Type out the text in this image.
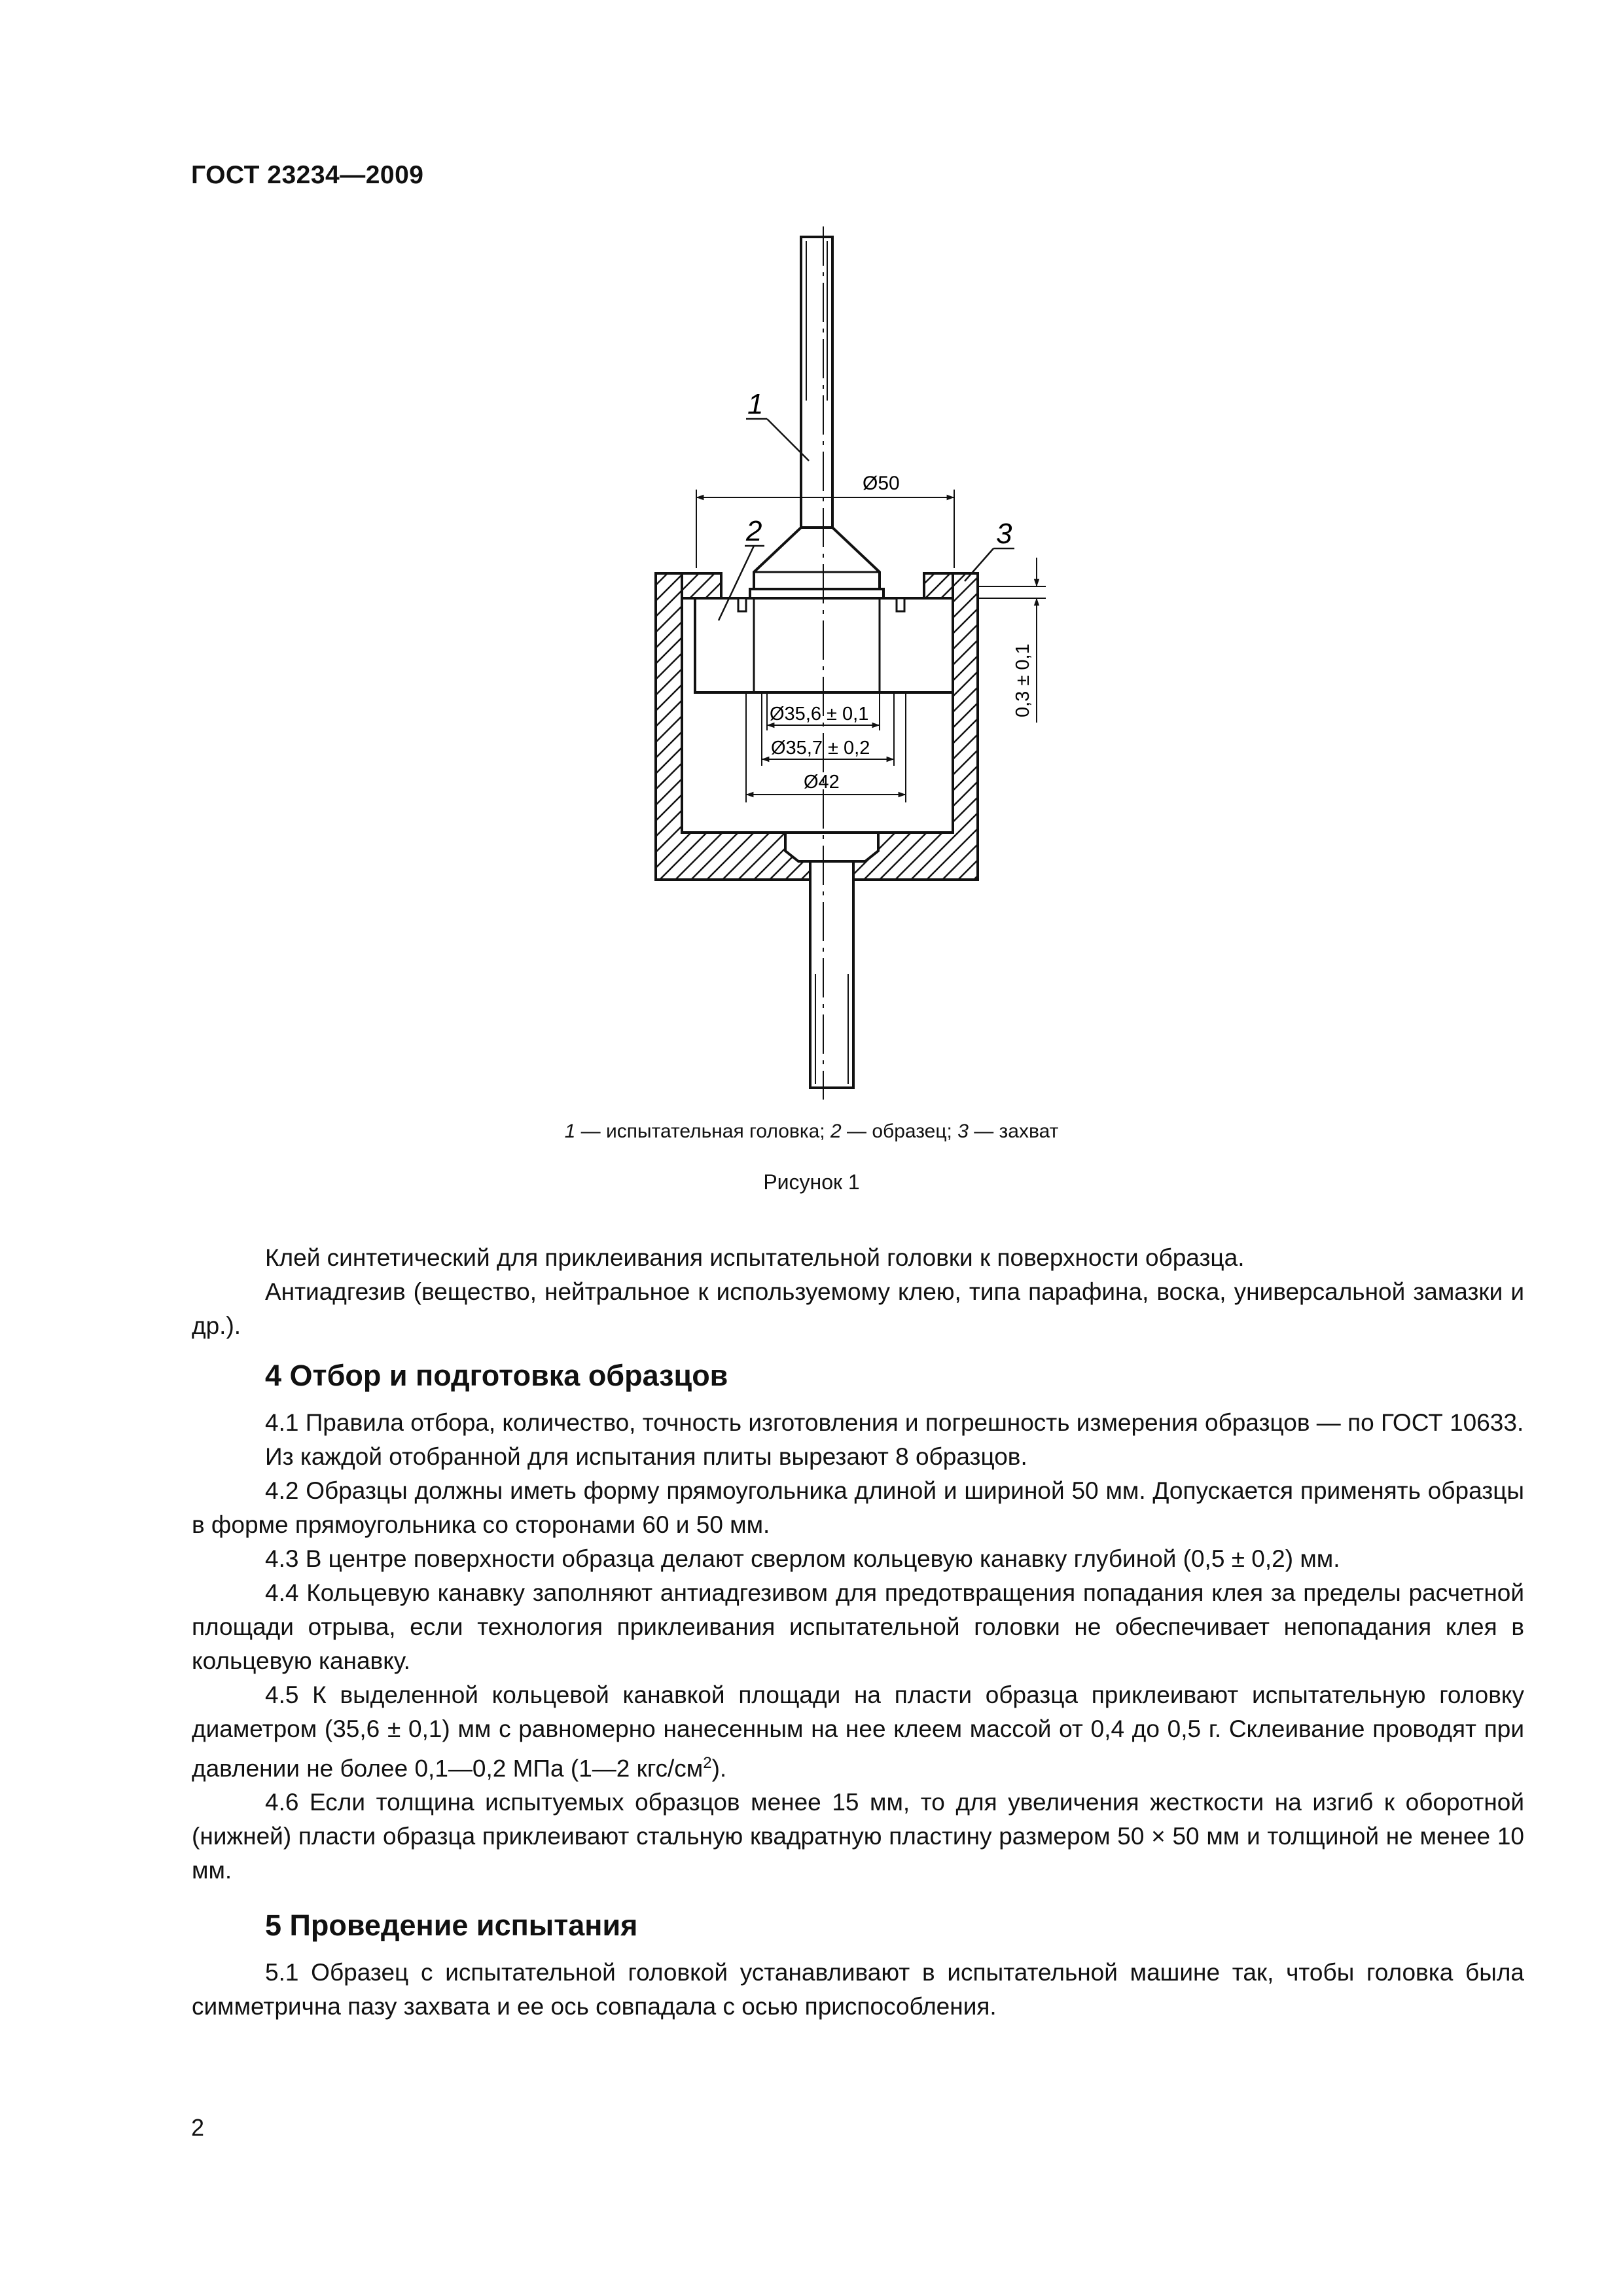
ГОСТ 23234—2009
Ø50
Ø35,6 ± 0,1
Ø35,7 ± 0,2
Ø42
0,3 ± 0,1
1
2	3
1 — испытательная головка; 2 — образец; 3 — захват
Рисунок 1

Клей синтетический для приклеивания испытательной головки к поверхности образца.

Антиадгезив (вещество, нейтральное к используемому клею, типа парафина, воска, универсальной замазки и др.).

4 Отбор и подготовка образцов

4.1 Правила отбора, количество, точность изготовления и погрешность измерения образцов — по ГОСТ 10633.

Из каждой отобранной для испытания плиты вырезают 8 образцов.

4.2 Образцы должны иметь форму прямоугольника длиной и шириной 50 мм. Допускается применять образцы в форме прямоугольника со сторонами 60 и 50 мм.

4.3 В центре поверхности образца делают сверлом кольцевую канавку глубиной (0,5 ± 0,2) мм.

4.4 Кольцевую канавку заполняют антиадгезивом для предотвращения попадания клея за пределы расчетной площади отрыва, если технология приклеивания испытательной головки не обеспечивает непопадания клея в кольцевую канавку.

4.5 К выделенной кольцевой канавкой площади на пласти образца приклеивают испытательную головку диаметром (35,6 ± 0,1) мм с равномерно нанесенным на нее клеем массой от 0,4 до 0,5 г. Склеивание проводят при давлении не более 0,1—0,2 МПа (1—2 кгс/$см^2$).

4.6 Если толщина испытуемых образцов менее 15 мм, то для увеличения жесткости на изгиб к оборотной (нижней) пласти образца приклеивают стальную квадратную пластину размером 50 × 50 мм и толщиной не менее 10 мм.

5 Проведение испытания

5.1 Образец с испытательной головкой устанавливают в испытательной машине так, чтобы головка была симметрична пазу захвата и ее ось совпадала с осью приспособления.

2
